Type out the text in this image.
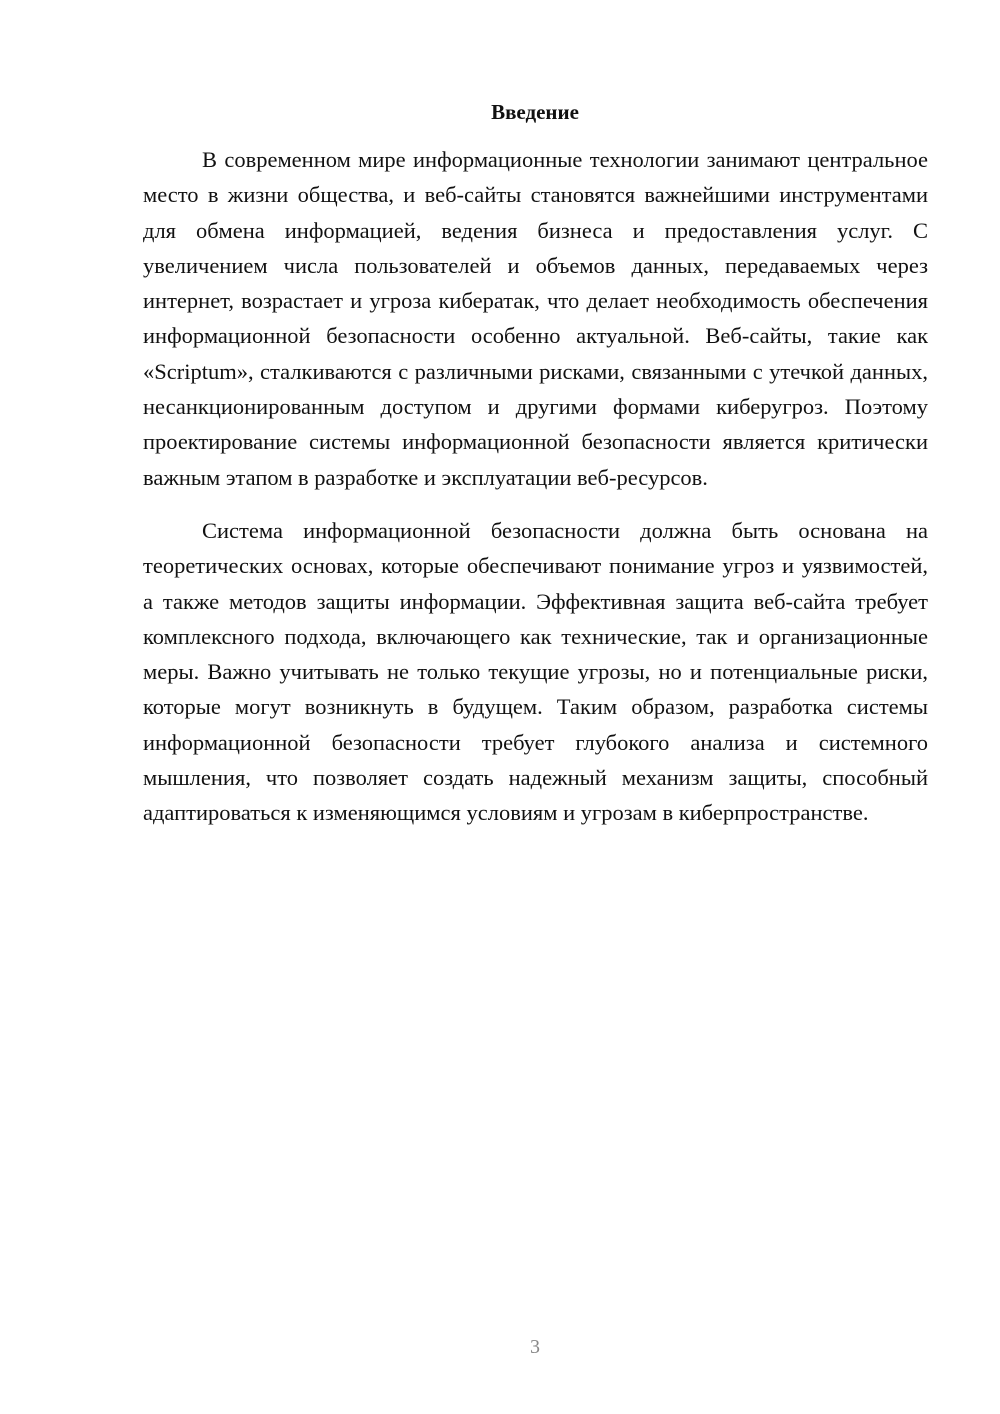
Введение

В современном мире информационные технологии занимают центральное место в жизни общества, и веб-сайты становятся важнейшими инструментами для обмена информацией, ведения бизнеса и предоставления услуг. С увеличением числа пользователей и объемов данных, передаваемых через интернет, возрастает и угроза кибератак, что делает необходимость обеспечения информационной безопасности особенно актуальной. Веб-сайты, такие как «Scriptum», сталкиваются с различными рисками, связанными с утечкой данных, несанкционированным доступом и другими формами киберугроз. Поэтому проектирование системы информационной безопасности является критически важным этапом в разработке и эксплуатации веб-ресурсов.

Система информационной безопасности должна быть основана на теоретических основах, которые обеспечивают понимание угроз и уязвимостей, а также методов защиты информации. Эффективная защита веб-сайта требует комплексного подхода, включающего как технические, так и организационные меры. Важно учитывать не только текущие угрозы, но и потенциальные риски, которые могут возникнуть в будущем. Таким образом, разработка системы информационной безопасности требует глубокого анализа и системного мышления, что позволяет создать надежный механизм защиты, способный адаптироваться к изменяющимся условиям и угрозам в киберпространстве.

3
